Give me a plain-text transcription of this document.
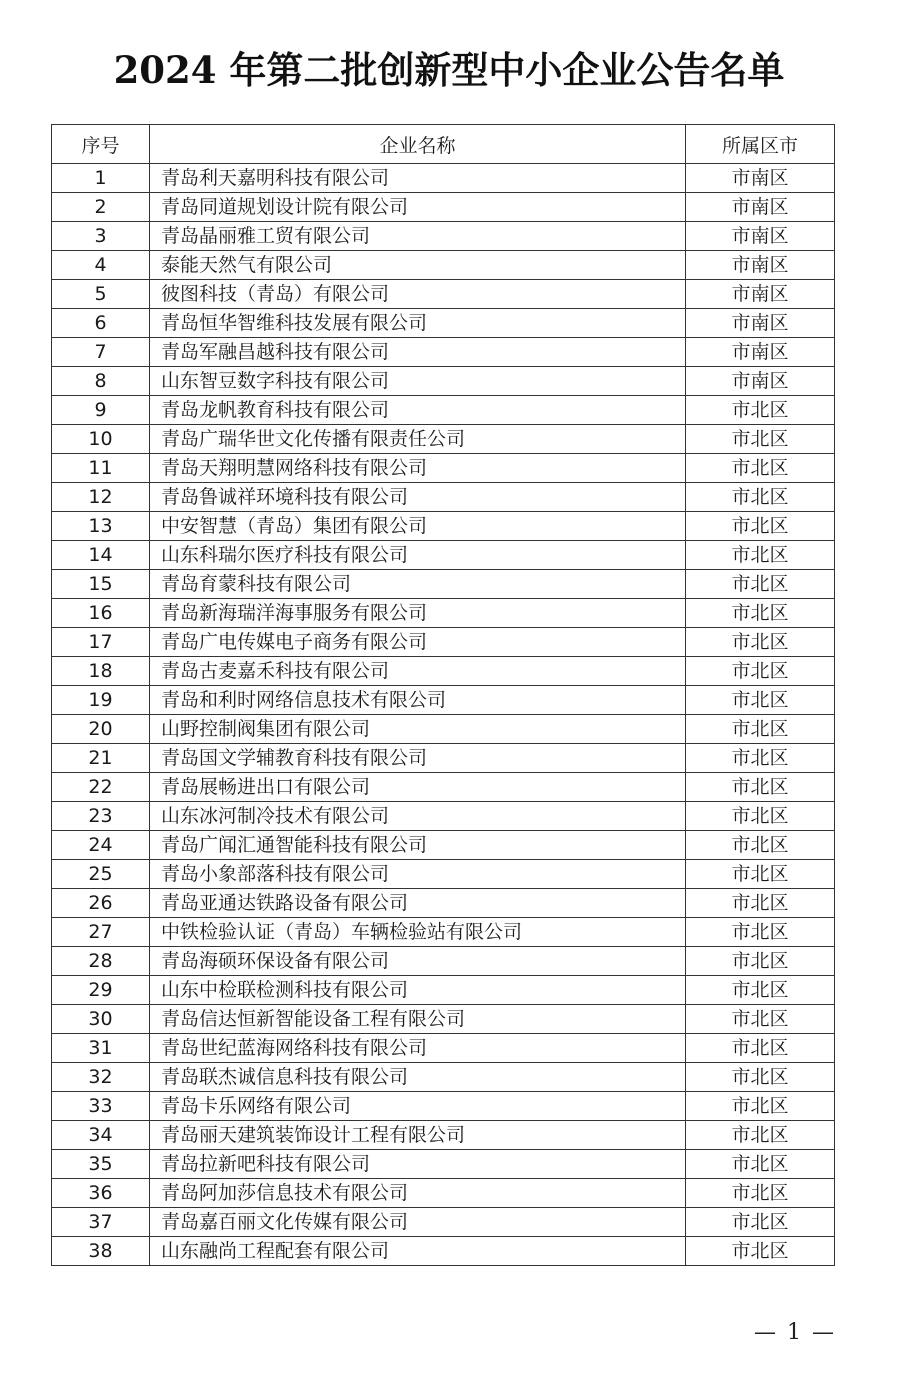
2024 年第二批创新型中小企业公告名单
序号	企业名称	所属区市
1	青岛利天嘉明科技有限公司	市南区
2	青岛同道规划设计院有限公司	市南区
3	青岛晶丽雅工贸有限公司	市南区
4	泰能天然气有限公司	市南区
5	彼图科技（青岛）有限公司	市南区
6	青岛恒华智维科技发展有限公司	市南区
7	青岛军融昌越科技有限公司	市南区
8	山东智豆数字科技有限公司	市南区
9	青岛龙帆教育科技有限公司	市北区
10	青岛广瑞华世文化传播有限责任公司	市北区
11	青岛天翔明慧网络科技有限公司	市北区
12	青岛鲁诚祥环境科技有限公司	市北区
13	中安智慧（青岛）集团有限公司	市北区
14	山东科瑞尔医疗科技有限公司	市北区
15	青岛育蒙科技有限公司	市北区
16	青岛新海瑞洋海事服务有限公司	市北区
17	青岛广电传媒电子商务有限公司	市北区
18	青岛古麦嘉禾科技有限公司	市北区
19	青岛和利时网络信息技术有限公司	市北区
20	山野控制阀集团有限公司	市北区
21	青岛国文学辅教育科技有限公司	市北区
22	青岛展畅进出口有限公司	市北区
23	山东冰河制冷技术有限公司	市北区
24	青岛广闻汇通智能科技有限公司	市北区
25	青岛小象部落科技有限公司	市北区
26	青岛亚通达铁路设备有限公司	市北区
27	中铁检验认证（青岛）车辆检验站有限公司	市北区
28	青岛海硕环保设备有限公司	市北区
29	山东中检联检测科技有限公司	市北区
30	青岛信达恒新智能设备工程有限公司	市北区
31	青岛世纪蓝海网络科技有限公司	市北区
32	青岛联杰诚信息科技有限公司	市北区
33	青岛卡乐网络有限公司	市北区
34	青岛丽天建筑装饰设计工程有限公司	市北区
35	青岛拉新吧科技有限公司	市北区
36	青岛阿加莎信息技术有限公司	市北区
37	青岛嘉百丽文化传媒有限公司	市北区
38	山东融尚工程配套有限公司	市北区
— 1 —
